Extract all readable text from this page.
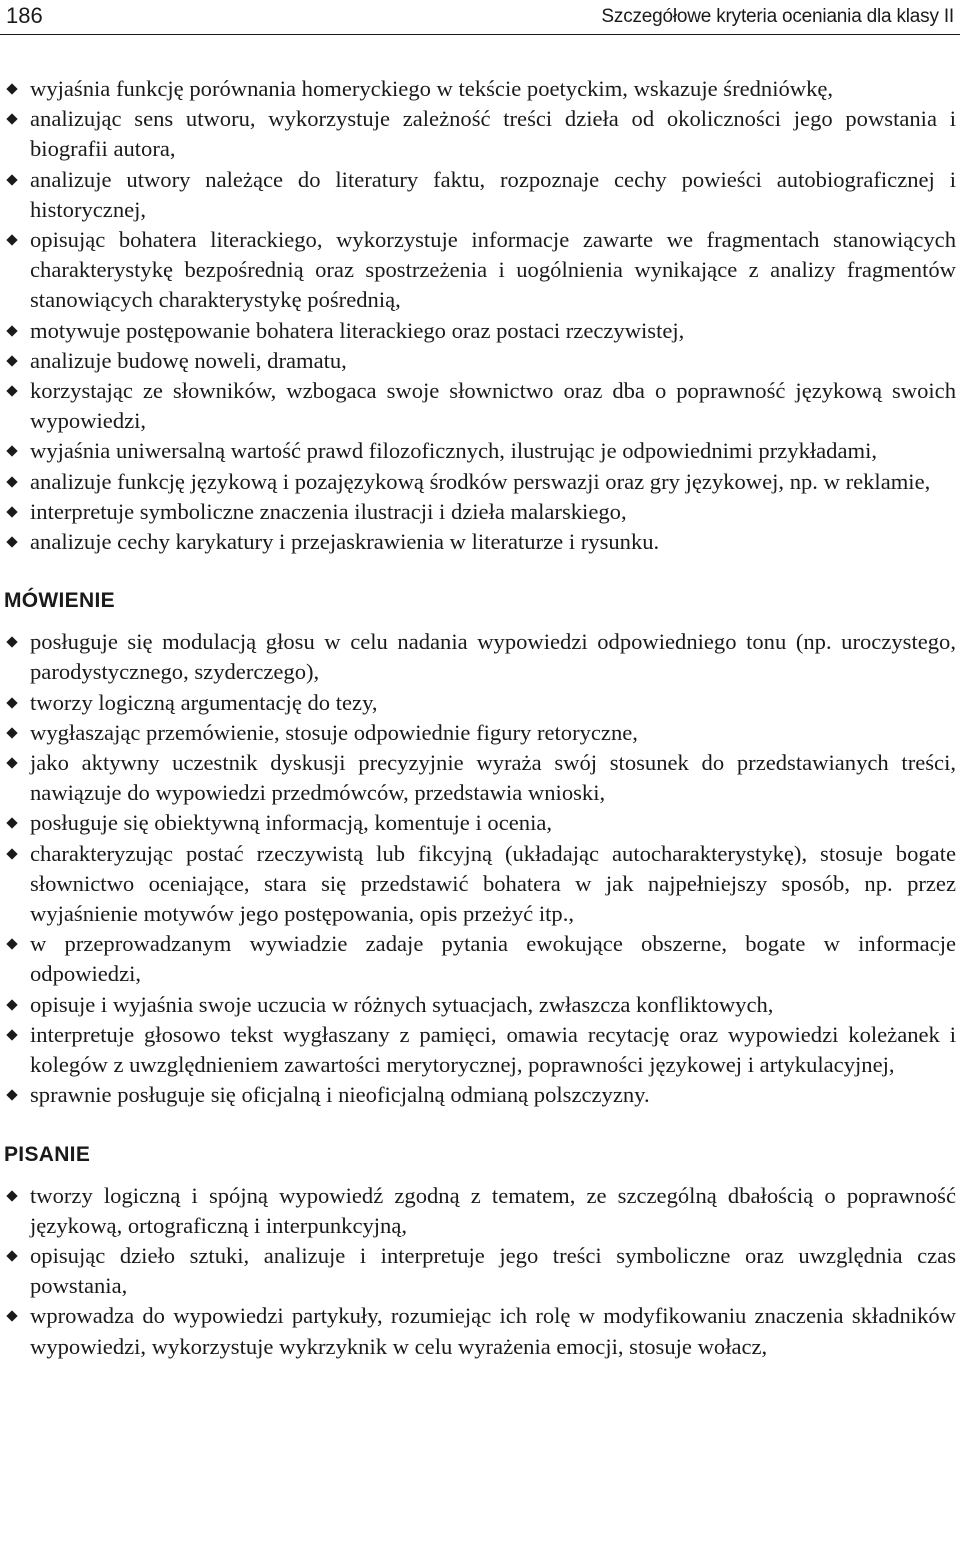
186	Szczegółowe kryteria oceniania dla klasy II
wyjaśnia funkcję porównania homeryckiego w tekście poetyckim, wskazuje średniówkę,
analizując sens utworu, wykorzystuje zależność treści dzieła od okoliczności jego powstania i biografii autora,
analizuje utwory należące do literatury faktu, rozpoznaje cechy powieści autobiograficznej i historycznej,
opisując bohatera literackiego, wykorzystuje informacje zawarte we fragmentach stanowiących charakterystykę bezpośrednią oraz spostrzeżenia i uogólnienia wynikające z analizy fragmentów stanowiących charakterystykę pośrednią,
motywuje postępowanie bohatera literackiego oraz postaci rzeczywistej,
analizuje budowę noweli, dramatu,
korzystając ze słowników, wzbogaca swoje słownictwo oraz dba o poprawność językową swoich wypowiedzi,
wyjaśnia uniwersalną wartość prawd filozoficznych, ilustrując je odpowiednimi przykładami,
analizuje funkcję językową i pozajęzykową środków perswazji oraz gry językowej, np. w reklamie,
interpretuje symboliczne znaczenia ilustracji i dzieła malarskiego,
analizuje cechy karykatury i przejaskrawienia w literaturze i rysunku.
MÓWIENIE
posługuje się modulacją głosu w celu nadania wypowiedzi odpowiedniego tonu (np. uroczystego, parodystycznego, szyderczego),
tworzy logiczną argumentację do tezy,
wygłaszając przemówienie, stosuje odpowiednie figury retoryczne,
jako aktywny uczestnik dyskusji precyzyjnie wyraża swój stosunek do przedstawianych treści, nawiązuje do wypowiedzi przedmówców, przedstawia wnioski,
posługuje się obiektywną informacją, komentuje i ocenia,
charakteryzując postać rzeczywistą lub fikcyjną (układając autocharakterystykę), stosuje bogate słownictwo oceniające, stara się przedstawić bohatera w jak najpełniejszy sposób, np. przez wyjaśnienie motywów jego postępowania, opis przeżyć itp.,
w przeprowadzanym wywiadzie zadaje pytania ewokujące obszerne, bogate w informacje odpowiedzi,
opisuje i wyjaśnia swoje uczucia w różnych sytuacjach, zwłaszcza konfliktowych,
interpretuje głosowo tekst wygłaszany z pamięci, omawia recytację oraz wypowiedzi koleżanek i kolegów z uwzględnieniem zawartości merytorycznej, poprawności językowej i artykulacyjnej,
sprawnie posługuje się oficjalną i nieoficjalną odmianą polszczyzny.
PISANIE
tworzy logiczną i spójną wypowiedź zgodną z tematem, ze szczególną dbałością o poprawność językową, ortograficzną i interpunkcyjną,
opisując dzieło sztuki, analizuje i interpretuje jego treści symboliczne oraz uwzględnia czas powstania,
wprowadza do wypowiedzi partykuły, rozumiejąc ich rolę w modyfikowaniu znaczenia składników wypowiedzi, wykorzystuje wykrzyknik w celu wyrażenia emocji, stosuje wołacz,
